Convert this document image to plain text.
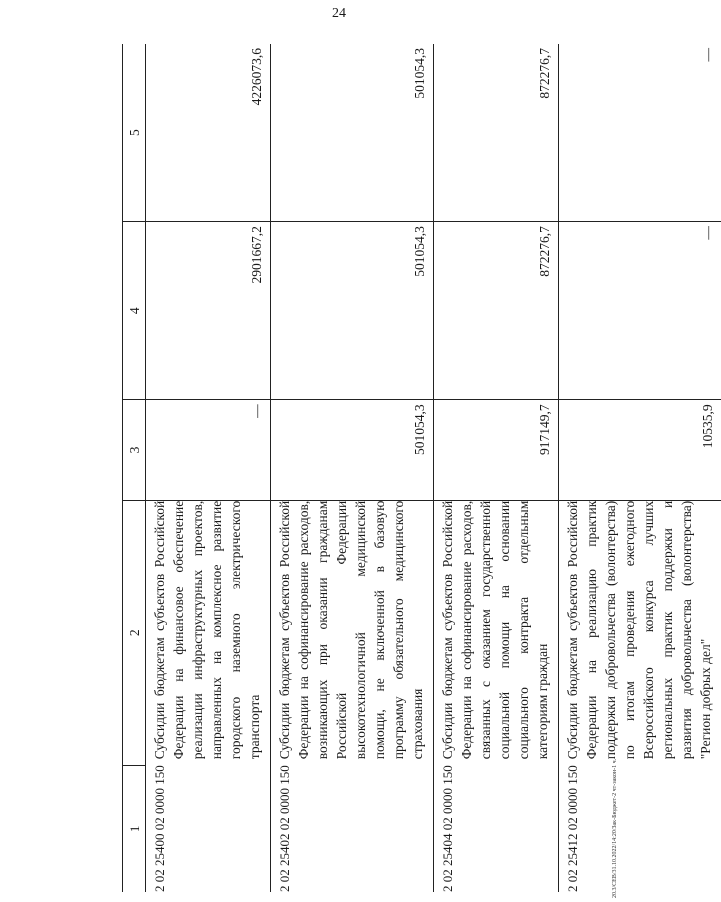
24
20.3/СЕВ/31.10.2022/14:20/Зак-Бюджет-2 чт-закон-1 ч.
1	2	3	4	5
2 02 25400 02 0000 150	Субсидии бюджетам субъектов Российской Федерации на финансовое обеспечение реализации инфраструктурных проектов, направленных на комплексное развитие городского наземного электрического транспорта	—	2901667,2	4226073,6
2 02 25402 02 0000 150	Субсидии бюджетам субъектов Российской Федерации на софинансирование расходов, возникающих при оказании гражданам Российской Федерации высокотехнологичной медицинской помощи, не включенной в базовую программу обязательного медицинского страхования	501054,3	501054,3	501054,3
2 02 25404 02 0000 150	Субсидии бюджетам субъектов Российской Федерации на софинансирование расходов, связанных с оказанием государственной социальной помощи на основании социального контракта отдельным категориям граждан	917149,7	872276,7	872276,7
2 02 25412 02 0000 150	Субсидии бюджетам субъектов Российской Федерации на реализацию практик поддержки добровольчества (волонтерства) по итогам проведения ежегодного Всероссийского конкурса лучших региональных практик поддержки и развития добровольчества (волонтерства) "Регион добрых дел"	10535,9	—	—
